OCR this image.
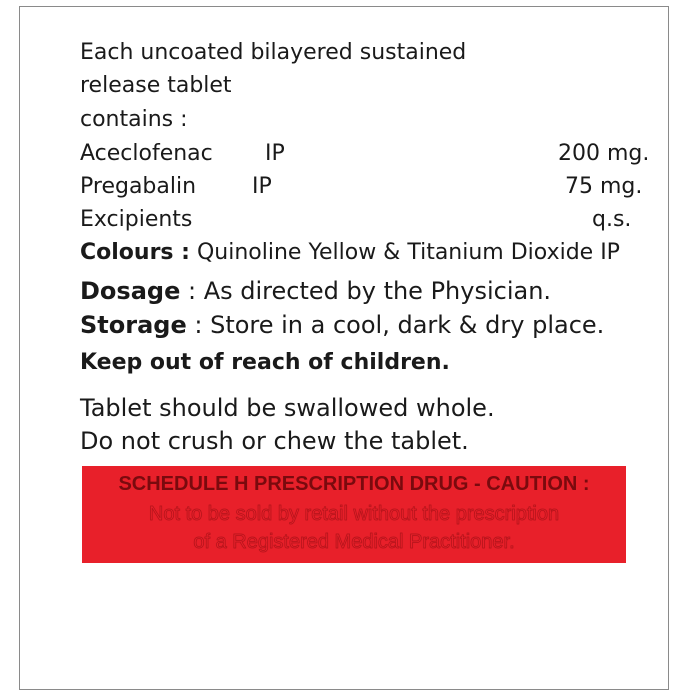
Each uncoated bilayered sustained
release tablet
contains :
Aceclofenac IP	200 mg.
Pregabalin	IP	75 mg.
Excipients	q.s.
Colours : Quinoline Yellow & Titanium Dioxide IP
Dosage : As directed by the Physician.
Storage : Store in a cool, dark & dry place.
Keep out of reach of children.
Tablet should be swallowed whole.
Do not crush or chew the tablet.
SCHEDULE H PRESCRIPTION DRUG - CAUTION :
Not to be sold by retail without the prescription
of a Registered Medical Practitioner.
